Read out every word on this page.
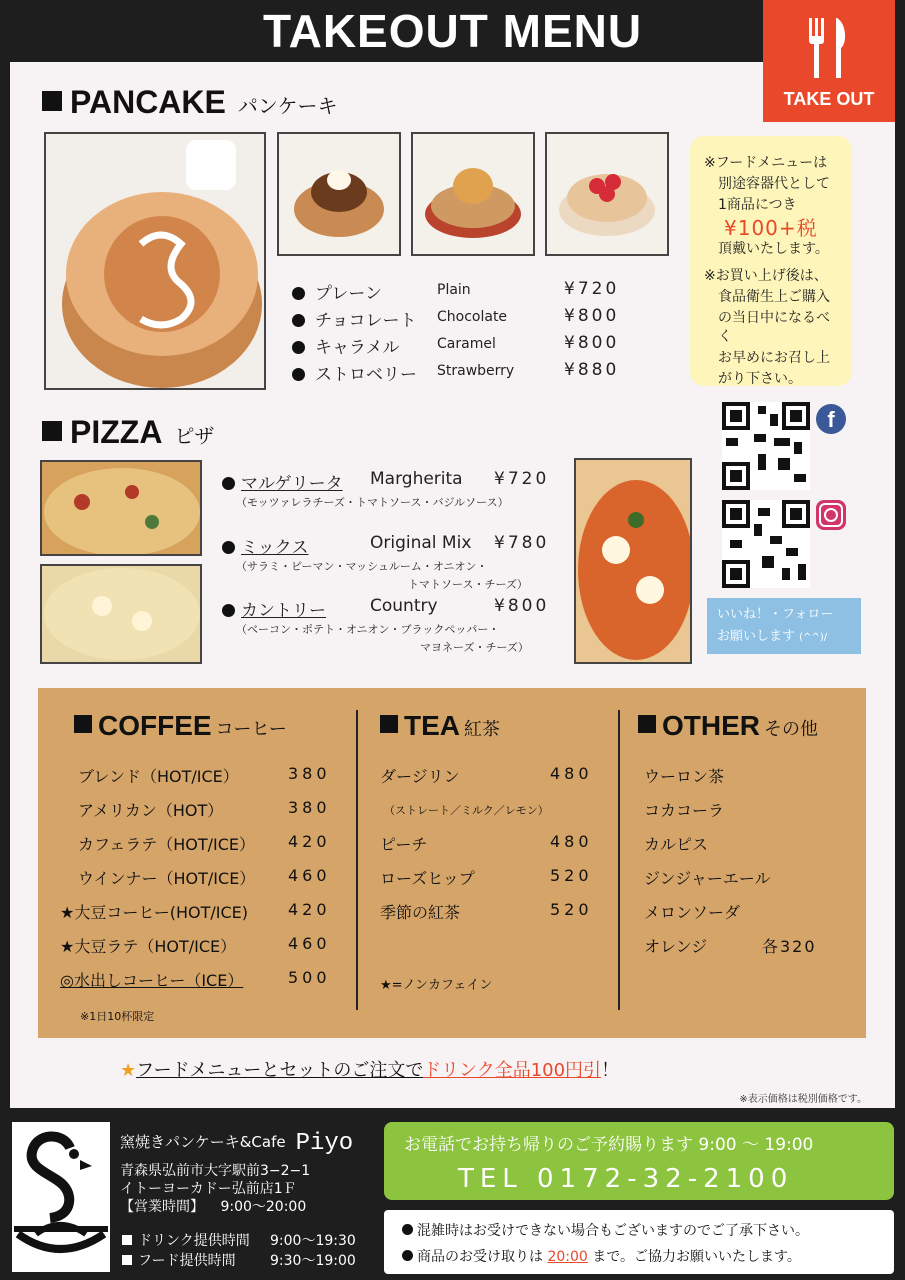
TAKEOUT MENU
TAKE OUT
PANCAKE パンケーキ
プレーン	Plain	¥720
チョコレート Chocolate	¥800
キャラメル	Caramel	¥800
ストロベリー Strawberry	¥880

※フードメニューは

別途容器代として

1商品につき

¥100+税

頂戴いたします。

※お買い上げ後は、

食品衛生上ご購入

の当日中になるべく

お早めにお召し上

がり下さい。

f
いいね！・フォロー
お願いします (^^)/
PIZZA ピザ
マルゲリータ Margherita ¥720
（モッツァレラチーズ・トマトソース・バジルソース）
ミックス	Original Mix ¥780
（サラミ・ピーマン・マッシュルーム・オニオン・
トマトソース・チーズ）
カントリー	Country	¥800
（ベーコン・ポテト・オニオン・ブラックペッパー・
マヨネーズ・チーズ）
COFFEE コーヒー
ブレンド（HOT/ICE）	380
アメリカン（HOT）	380
カフェラテ（HOT/ICE） 420
ウインナー（HOT/ICE） 460
★大豆コーヒー(HOT/ICE)	420
★大豆ラテ（HOT/ICE）	460
◎水出しコーヒー（ICE）	500
※1日10杯限定
TEA 紅茶
ダージリン	480
（ストレート／ミルク／レモン）
ピーチ	480
ローズヒップ	520
季節の紅茶	520
★=ノンカフェイン
OTHER その他
ウーロン茶
コカコーラ
カルピス
ジンジャーエール
メロンソーダ
オレンジ	各320
★フードメニューとセットのご注文でドリンク全品100円引！
※表示価格は税別価格です。
窯焼きパンケーキ&Cafe Piyo
青森県弘前市大字駅前3−2−1
イトーヨーカドー弘前店1Ｆ
【営業時間】 9:00〜20:00
ドリンク提供時間 9:00〜19:30
フード提供時間 9:30〜19:00
お電話でお持ち帰りのご予約賜ります 9:00 〜 19:00
TEL 0172-32-2100
混雑時はお受けできない場合もございますのでご了承下さい。
商品のお受け取りは 20:00 まで。ご協力お願いいたします。
